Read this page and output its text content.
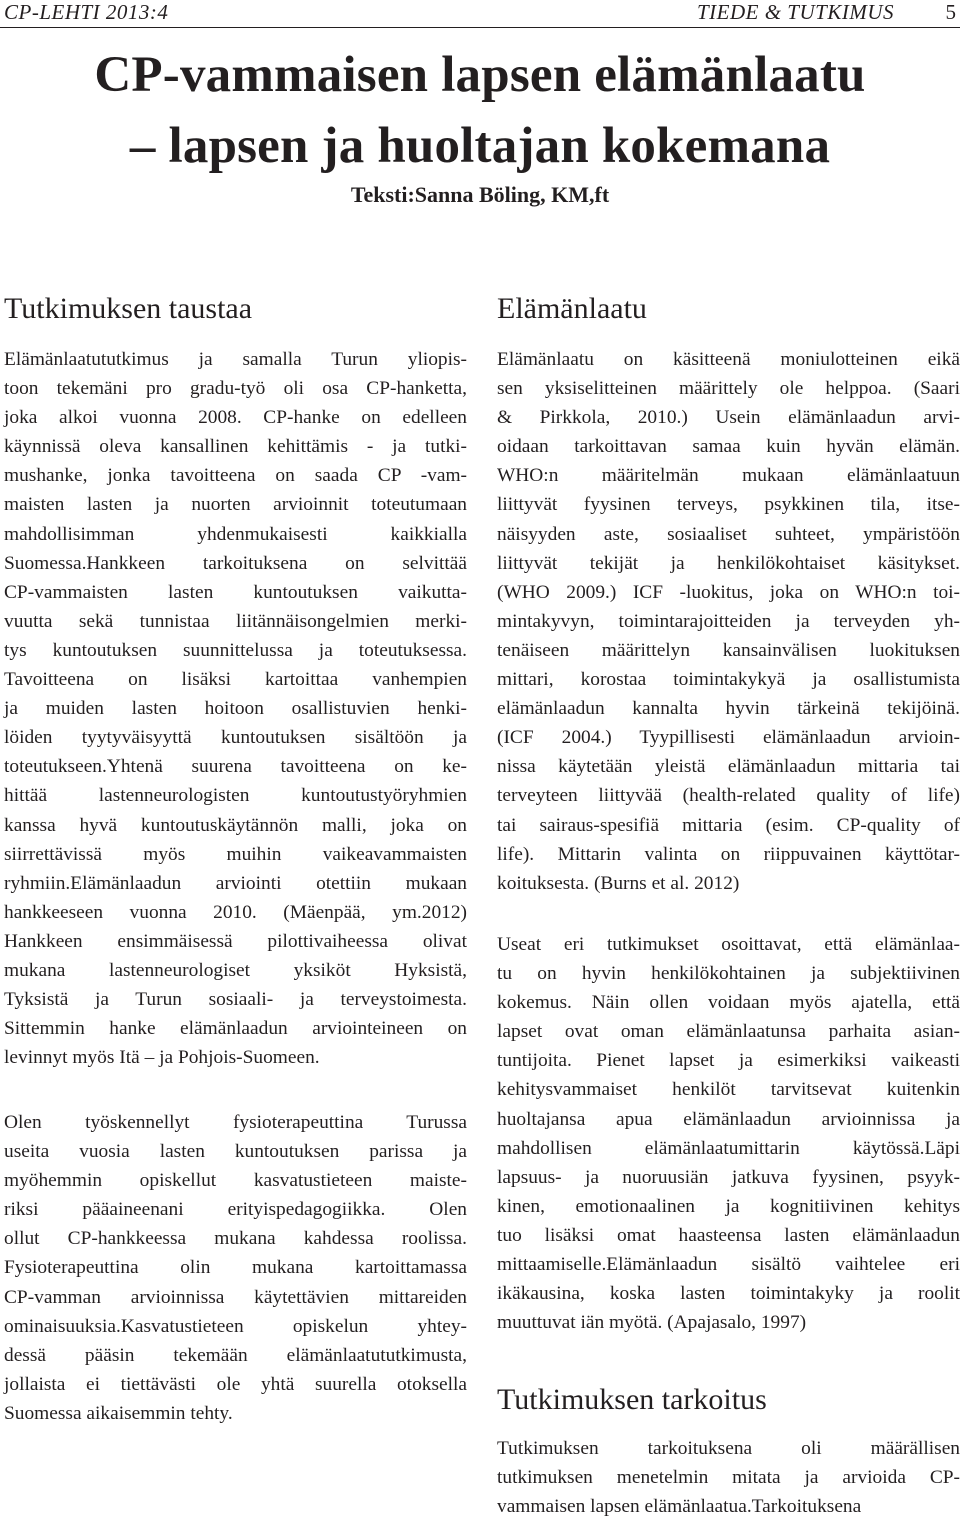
CP-LEHTI 2013:4	TIEDE & TUTKIMUS 5
CP-vammaisen lapsen elämänlaatu
– lapsen ja huoltajan kokemana

Teksti:Sanna Böling, KM,ft

Tutkimuksen taustaa

Elämänlaatututkimus ja samalla Turun yliopis-
toon tekemäni pro gradu-työ oli osa CP-hanketta,
joka alkoi vuonna 2008. CP-hanke on edelleen
käynnissä oleva kansallinen kehittämis - ja tutki-
mushanke, jonka tavoitteena on saada CP -vam-
maisten lasten ja nuorten arvioinnit toteutumaan
mahdollisimman yhdenmukaisesti kaikkialla
Suomessa.Hankkeen tarkoituksena on selvittää
CP-vammaisten lasten kuntoutuksen vaikutta-
vuutta sekä tunnistaa liitännäisongelmien merki-
tys kuntoutuksen suunnittelussa ja toteutuksessa.
Tavoitteena on lisäksi kartoittaa vanhempien
ja muiden lasten hoitoon osallistuvien henki-
löiden tyytyväisyyttä kuntoutuksen sisältöön ja
toteutukseen.Yhtenä suurena tavoitteena on ke-
hittää lastenneurologisten kuntoutustyöryhmien
kanssa hyvä kuntoutuskäytännön malli, joka on
siirrettävissä myös muihin vaikeavammaisten
ryhmiin.Elämänlaadun arviointi otettiin mukaan
hankkeeseen vuonna 2010. (Mäenpää, ym.2012)
Hankkeen ensimmäisessä pilottivaiheessa olivat
mukana lastenneurologiset yksiköt Hyksistä,
Tyksistä ja Turun sosiaali- ja terveystoimesta.
Sittemmin hanke elämänlaadun arviointeineen on
levinnyt myös Itä – ja Pohjois-Suomeen.

Olen työskennellyt fysioterapeuttina Turussa
useita vuosia lasten kuntoutuksen parissa ja
myöhemmin opiskellut kasvatustieteen maiste-
riksi pääaineenani erityispedagogiikka. Olen
ollut CP-hankkeessa mukana kahdessa roolissa.
Fysioterapeuttina olin mukana kartoittamassa
CP-vamman arvioinnissa käytettävien mittareiden
ominaisuuksia.Kasvatustieteen opiskelun yhtey-
dessä pääsin tekemään elämänlaatututkimusta,
jollaista ei tiettävästi ole yhtä suurella otoksella
Suomessa aikaisemmin tehty.

Elämänlaatu

Elämänlaatu on käsitteenä moniulotteinen eikä
sen yksiselitteinen määrittely ole helppoa. (Saari
& Pirkkola, 2010.) Usein elämänlaadun arvi-
oidaan tarkoittavan samaa kuin hyvän elämän.
WHO:n määritelmän mukaan elämänlaatuun
liittyvät fyysinen terveys, psykkinen tila, itse-
näisyyden aste, sosiaaliset suhteet, ympäristöön
liittyvät tekijät ja henkilökohtaiset käsitykset.
(WHO 2009.) ICF -luokitus, joka on WHO:n toi-
mintakyvyn, toimintarajoitteiden ja terveyden yh-
tenäiseen määrittelyn kansainvälisen luokituksen
mittari, korostaa toimintakykyä ja osallistumista
elämänlaadun kannalta hyvin tärkeinä tekijöinä.
(ICF 2004.) Tyypillisesti elämänlaadun arvioin-
nissa käytetään yleistä elämänlaadun mittaria tai
terveyteen liittyvää (health-related quality of life)
tai sairaus-spesifiä mittaria (esim. CP-quality of
life). Mittarin valinta on riippuvainen käyttötar-
koituksesta. (Burns et al. 2012)

Useat eri tutkimukset osoittavat, että elämänlaa-
tu on hyvin henkilökohtainen ja subjektiivinen
kokemus. Näin ollen voidaan myös ajatella, että
lapset ovat oman elämänlaatunsa parhaita asian-
tuntijoita. Pienet lapset ja esimerkiksi vaikeasti
kehitysvammaiset henkilöt tarvitsevat kuitenkin
huoltajansa apua elämänlaadun arvioinnissa ja
mahdollisen elämänlaatumittarin käytössä.Läpi
lapsuus- ja nuoruusiän jatkuva fyysinen, psyyk-
kinen, emotionaalinen ja kognitiivinen kehitys
tuo lisäksi omat haasteensa lasten elämänlaadun
mittaamiselle.Elämänlaadun sisältö vaihtelee eri
ikäkausina, koska lasten toimintakyky ja roolit
muuttuvat iän myötä. (Apajasalo, 1997)

Tutkimuksen tarkoitus

Tutkimuksen tarkoituksena oli määrällisen
tutkimuksen menetelmin mitata ja arvioida CP-
vammaisen lapsen elämänlaatua.Tarkoituksena
